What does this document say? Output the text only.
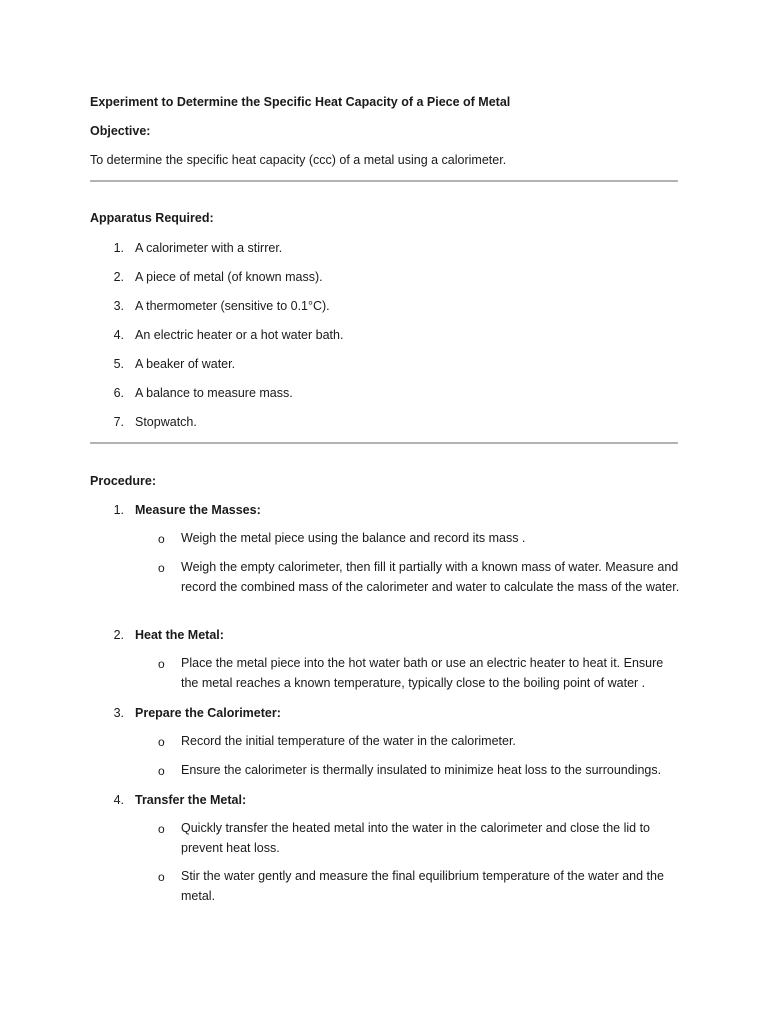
Experiment to Determine the Specific Heat Capacity of a Piece of Metal
Objective:
To determine the specific heat capacity (ccc) of a metal using a calorimeter.
Apparatus Required:
1. A calorimeter with a stirrer.
2. A piece of metal (of known mass).
3. A thermometer (sensitive to 0.1°C).
4. An electric heater or a hot water bath.
5. A beaker of water.
6. A balance to measure mass.
7. Stopwatch.
Procedure:
1. Measure the Masses:
o Weigh the metal piece using the balance and record its mass .
o Weigh the empty calorimeter, then fill it partially with a known mass of water. Measure and record the combined mass of the calorimeter and water to calculate the mass of the water.
2. Heat the Metal:
o Place the metal piece into the hot water bath or use an electric heater to heat it. Ensure the metal reaches a known temperature, typically close to the boiling point of water .
3. Prepare the Calorimeter:
o Record the initial temperature of the water in the calorimeter.
o Ensure the calorimeter is thermally insulated to minimize heat loss to the surroundings.
4. Transfer the Metal:
o Quickly transfer the heated metal into the water in the calorimeter and close the lid to prevent heat loss.
o Stir the water gently and measure the final equilibrium temperature of the water and the metal.
